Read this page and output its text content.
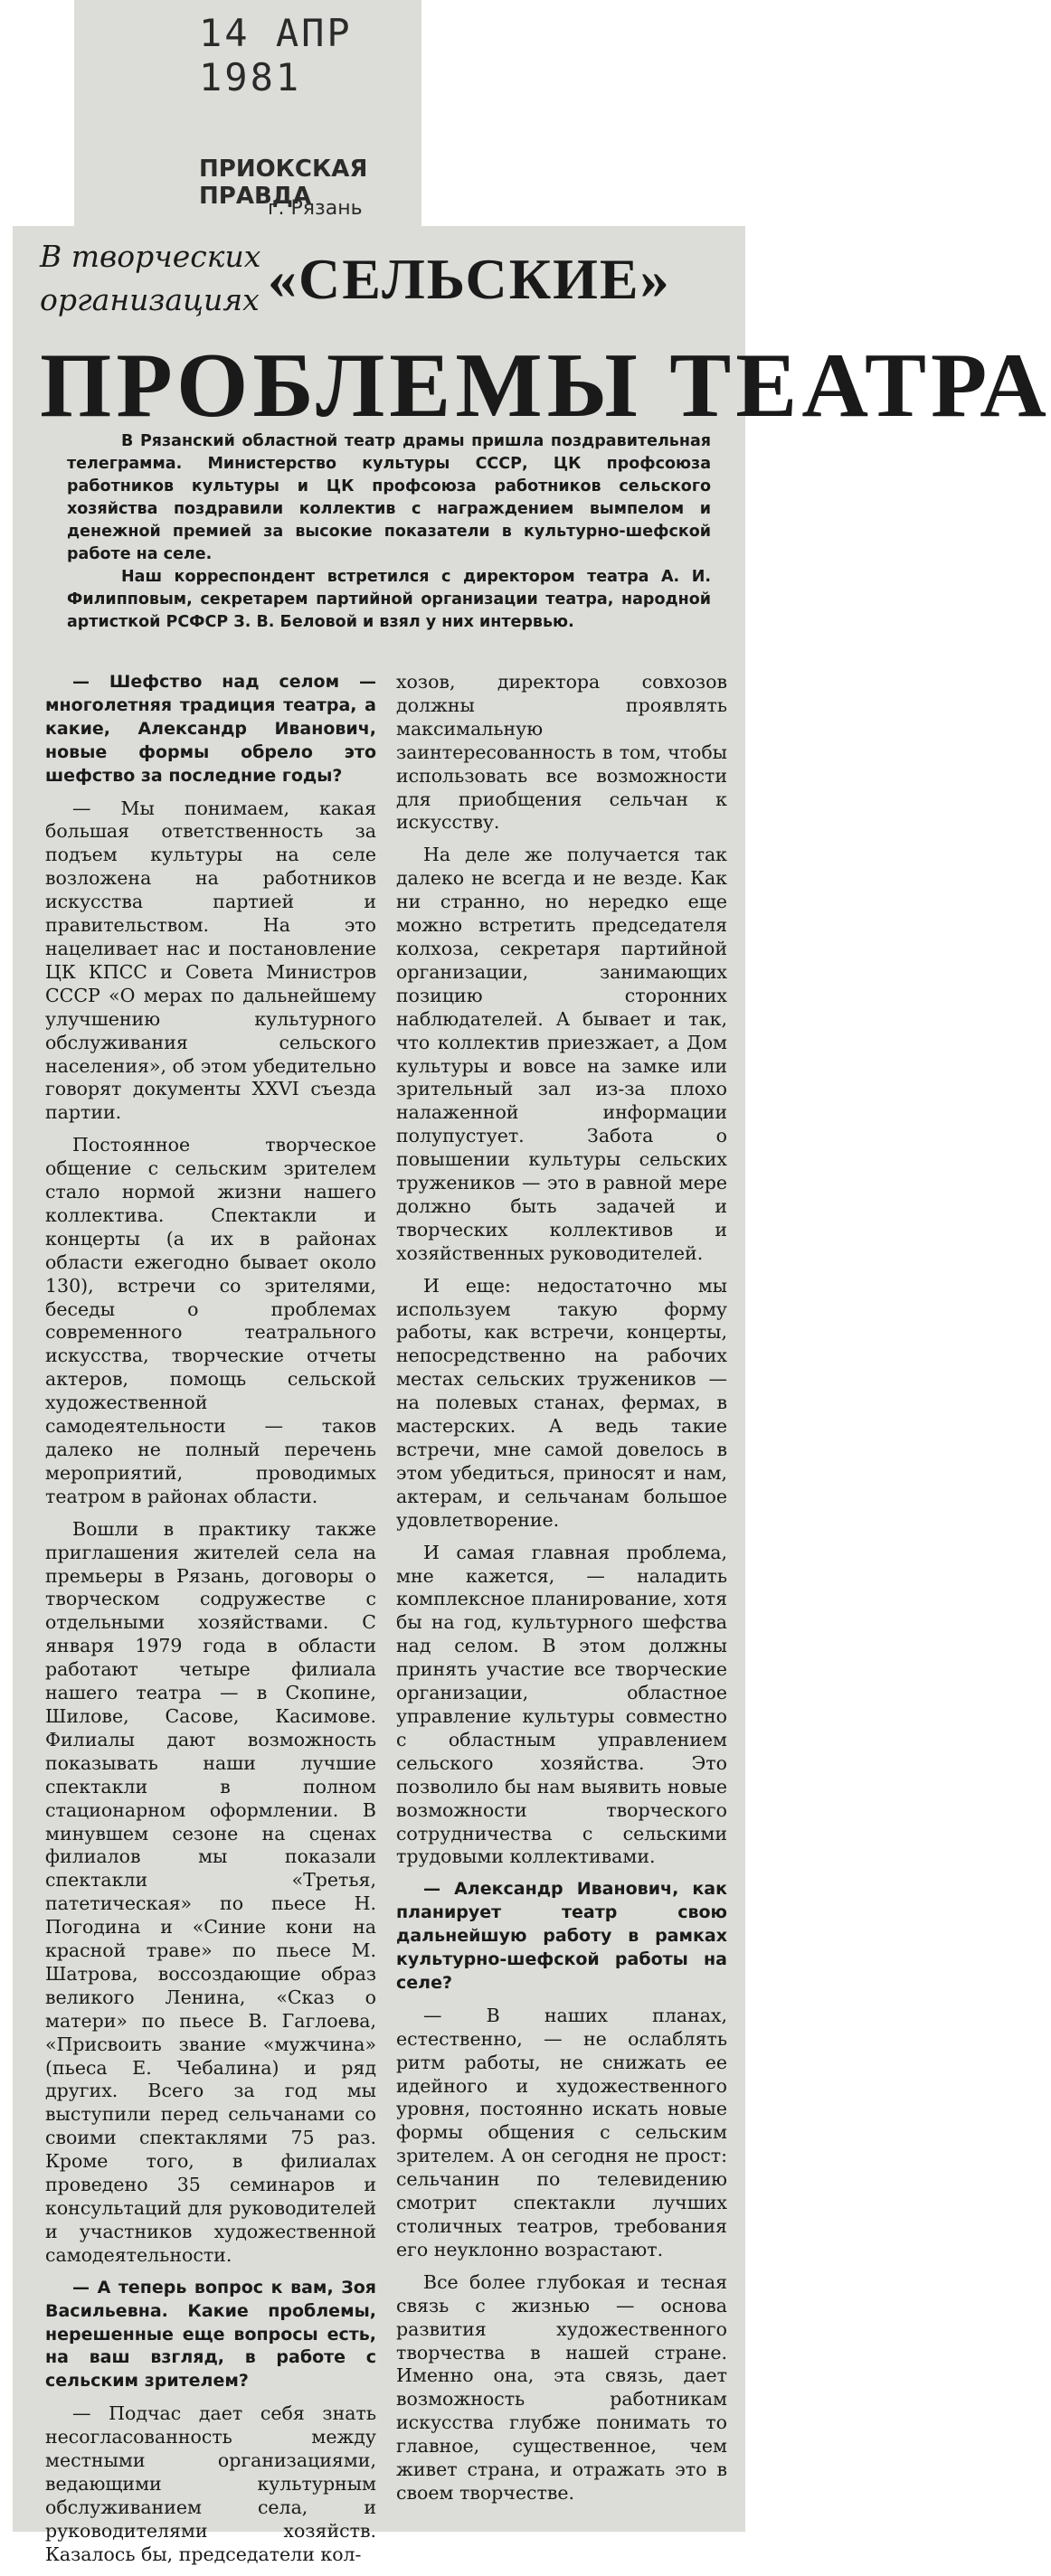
14 АПР 1981
ПРИОКСКАЯ ПРАВДА
г. Рязань
В творческих
организациях «СЕЛЬСКИЕ»
ПРОБЛЕМЫ ТЕАТРА

В Рязанский областной театр драмы пришла поздравительная телеграмма. Министерство культуры СССР, ЦК профсоюза работников культуры и ЦК профсоюза работников сельского хозяйства поздравили коллектив с награждением вымпелом и денежной премией за высокие показатели в культурно-шефской работе на селе.

Наш корреспондент встретился с директором театра А. И. Филипповым, секретарем партийной организации театра, народной артисткой РСФСР З. В. Беловой и взял у них интервью.

— Шефство над селом — многолетняя традиция театра, а какие, Александр Иванович, новые формы обрело это шефство за последние годы?

— Мы понимаем, какая большая ответственность за подъем культуры на селе возложена на работников искусства партией и правительством. На это нацеливает нас и постановление ЦК КПСС и Совета Министров СССР «О мерах по дальнейшему улучшению культурного обслуживания сельского населения», об этом убедительно говорят документы XXVI съезда партии.

Постоянное творческое общение с сельским зрителем стало нормой жизни нашего коллектива. Спектакли и концерты (а их в районах области ежегодно бывает около 130), встречи со зрителями, беседы о проблемах современного театрального искусства, творческие отчеты актеров, помощь сельской художественной самодеятельности — таков далеко не полный перечень мероприятий, проводимых театром в районах области.

Вошли в практику также приглашения жителей села на премьеры в Рязань, договоры о творческом содружестве с отдельными хозяйствами. С января 1979 года в области работают четыре филиала нашего театра — в Скопине, Шилове, Сасове, Касимове. Филиалы дают возможность показывать наши лучшие спектакли в полном стационарном оформлении. В минувшем сезоне на сценах филиалов мы показали спектакли «Третья, патетическая» по пьесе Н. Погодина и «Синие кони на красной траве» по пьесе М. Шатрова, воссоздающие образ великого Ленина, «Сказ о матери» по пьесе В. Гаглоева, «Присвоить звание «мужчина» (пьеса Е. Чебалина) и ряд других. Всего за год мы выступили перед сельчанами со своими спектаклями 75 раз. Кроме того, в филиалах проведено 35 семинаров и консультаций для руководителей и участников художественной самодеятельности.

— А теперь вопрос к вам, Зоя Васильевна. Какие проблемы, нерешенные еще вопросы есть, на ваш взгляд, в работе с сельским зрителем?

— Подчас дает себя знать несогласованность между местными организациями, ведающими культурным обслуживанием села, и руководителями хозяйств. Казалось бы, председатели кол-

хозов, директора совхозов должны проявлять максимальную заинтересованность в том, чтобы использовать все возможности для приобщения сельчан к искусству.

На деле же получается так далеко не всегда и не везде. Как ни странно, но нередко еще можно встретить председателя колхоза, секретаря партийной организации, занимающих позицию сторонних наблюдателей. А бывает и так, что коллектив приезжает, а Дом культуры и вовсе на замке или зрительный зал из-за плохо налаженной информации полупустует. Забота о повышении культуры сельских тружеников — это в равной мере должно быть задачей и творческих коллективов и хозяйственных руководителей.

И еще: недостаточно мы используем такую форму работы, как встречи, концерты, непосредственно на рабочих местах сельских тружеников — на полевых станах, фермах, в мастерских. А ведь такие встречи, мне самой довелось в этом убедиться, приносят и нам, актерам, и сельчанам большое удовлетворение.

И самая главная проблема, мне кажется, — наладить комплексное планирование, хотя бы на год, культурного шефства над селом. В этом должны принять участие все творческие организации, областное управление культуры совместно с областным управлением сельского хозяйства. Это позволило бы нам выявить новые возможности творческого сотрудничества с сельскими трудовыми коллективами.

— Александр Иванович, как планирует театр свою дальнейшую работу в рамках культурно-шефской работы на селе?

— В наших планах, естественно, — не ослаблять ритм работы, не снижать ее идейного и художественного уровня, постоянно искать новые формы общения с сельским зрителем. А он сегодня не прост: сельчанин по телевидению смотрит спектакли лучших столичных театров, требования его неуклонно возрастают.

Все более глубокая и тесная связь с жизнью — основа развития художественного творчества в нашей стране. Именно она, эта связь, дает возможность работникам искусства глубже понимать то главное, существенное, чем живет страна, и отражать это в своем творчестве.
